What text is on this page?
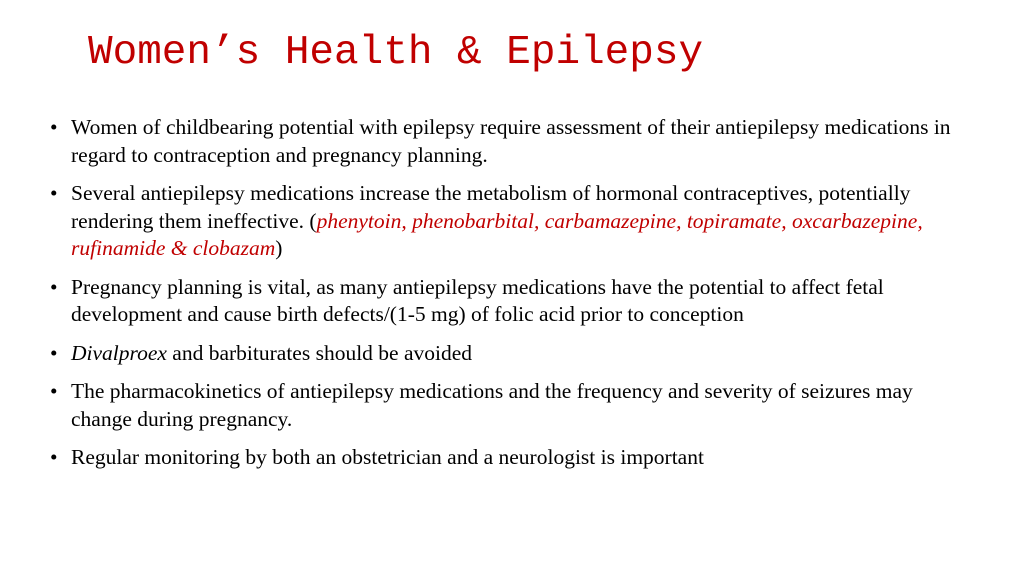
Women’s Health & Epilepsy
• Women of childbearing potential with epilepsy require assessment of their antiepilepsy medications in regard to contraception and pregnancy planning.
• Several antiepilepsy medications increase the metabolism of hormonal contraceptives, potentially rendering them ineffective. (phenytoin, phenobarbital, carbamazepine, topiramate, oxcarbazepine, rufinamide & clobazam)
• Pregnancy planning is vital, as many antiepilepsy medications have the potential to affect fetal development and cause birth defects/(1-5 mg) of folic acid prior to conception
• Divalproex and barbiturates should be avoided
• The pharmacokinetics of antiepilepsy medications and the frequency and severity of seizures may change during pregnancy.
• Regular monitoring by both an obstetrician and a neurologist is important
